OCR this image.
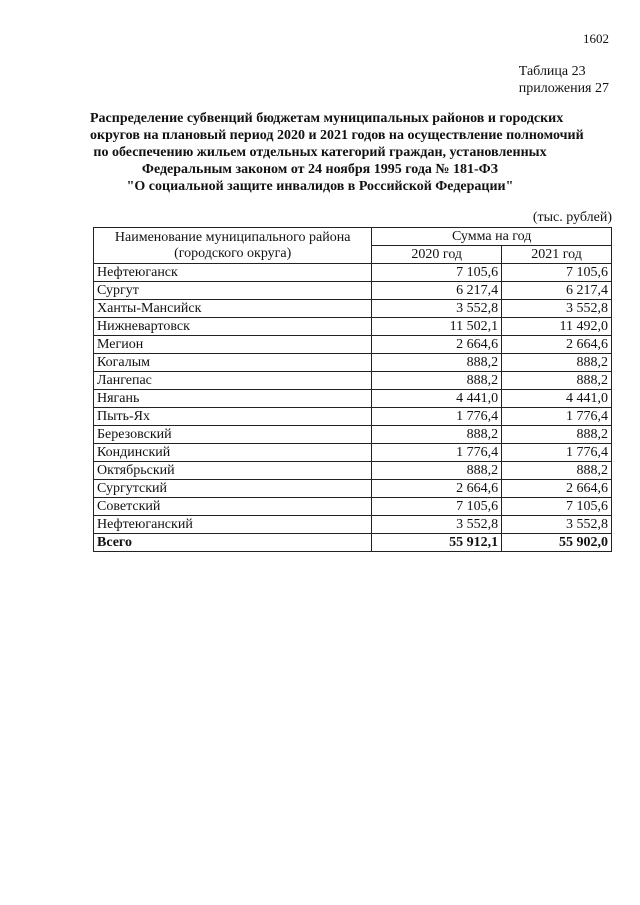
1602
Таблица 23
приложения 27
Распределение субвенций бюджетам муниципальных районов и городских
округов на плановый период 2020 и 2021 годов на осуществление полномочий
по обеспечению жильем отдельных категорий граждан, установленных
Федеральным законом от 24 ноября 1995 года № 181-ФЗ
"О социальной защите инвалидов в Российской Федерации"
(тыс. рублей)
Наименование муниципального района
(городского округа)	Сумма на год	
	2020 год	2021 год
Нефтеюганск	7 105,6	7 105,6
Сургут	6 217,4	6 217,4
Ханты-Мансийск	3 552,8	3 552,8
Нижневартовск	11 502,1	11 492,0
Мегион	2 664,6	2 664,6
Когалым	888,2	888,2
Лангепас	888,2	888,2
Нягань	4 441,0	4 441,0
Пыть-Ях	1 776,4	1 776,4
Березовский	888,2	888,2
Кондинский	1 776,4	1 776,4
Октябрьский	888,2	888,2
Сургутский	2 664,6	2 664,6
Советский	7 105,6	7 105,6
Нефтеюганский	3 552,8	3 552,8
Всего	55 912,1	55 902,0
